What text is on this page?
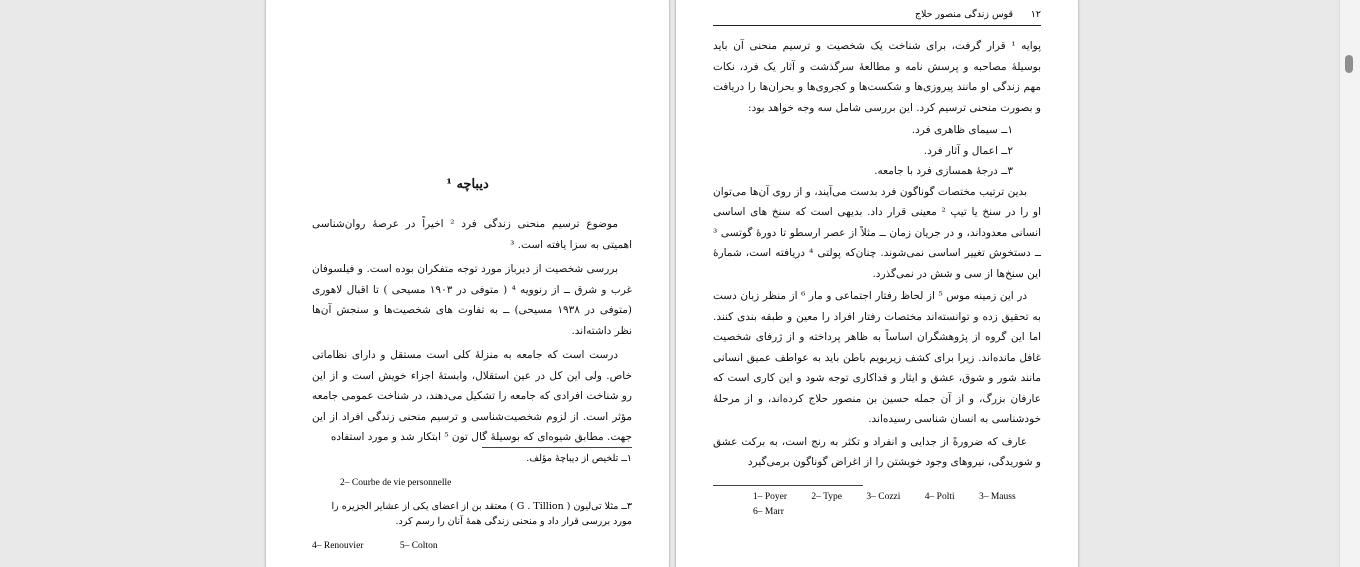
دیباچه ¹

موضوع ترسیم منحنی زندگی فرد ² اخیراً در عرصهٔ روان‌شناسی اهمیتی به سزا یافته است. ³

بررسی شخصیت از دیرباز مورد توجه متفکران بوده است. و فیلسوفان غرب و شرق ــ از رنوویه ⁴ ( متوفی در ۱۹۰۳ مسیحی ) تا اقبال لاهوری (متوفی در ۱۹۳۸ مسیحی) ــ به تفاوت های شخصیت‌ها و سنجش آن‌ها نظر داشته‌اند.

درست است که جامعه به منزلهٔ کلی است مستقل و دارای نظاماتی خاص. ولی این کل در عین استقلال، وابستهٔ اجزاء خویش است و از این رو شناخت افرادی که جامعه را تشکیل می‌دهند، در شناخت عمومی جامعه مؤثر است. از لزوم شخصیت‌شناسی و ترسیم منحنی زندگی افراد از این جهت. مطابق شیوه‌ای که بوسیلهٔ گال تون ⁵ ابتکار شد و مورد استفاده

۱ــ تلخیص از دیباچهٔ مؤلف.

2– Courbe de vie personnelle

۳ــ مثلا تی‌لیون ( G . Tillion ) معتقد بن از اعضای یکی از عشایر الجزیره را مورد بررسی قرار داد و منحنی زندگی همهٔ آنان را رسم کرد.

4– Renouvier	5– Colton

۱۲
قوس زندگی منصور حلاج

پوایه ¹ قرار گرفت، برای شناخت یک شخصیت و ترسیم منحنی آن باید بوسیلهٔ مصاحبه و پرسش نامه و مطالعهٔ سرگذشت و آثار یک فرد، نکات مهم زندگی او مانند پیروزی‌ها و شکست‌ها و کجروی‌ها و بحران‌ها را دریافت و بصورت منحنی ترسیم کرد. این بررسی شامل سه وجه خواهد بود:

۱ــ سیمای ظاهری فرد.

۲ــ اعمال و آثار فرد.

۳ــ درجهٔ همسازی فرد با جامعه.

بدین ترتیب مختصات گوناگون فرد بدست می‌آیند، و از روی آن‌ها می‌توان او را در سنخ یا تیپ ² معینی قرار داد. بدیهی است که سنخ های اساسی انسانی معدوداند، و در جریان زمان ــ مثلاً از عصر ارسطو تا دورهٔ گوتسی ³ ــ دستخوش تغییر اساسی نمی‌شوند. چنان‌که پولتی ⁴ دریافته است، شمارهٔ این سنخ‌ها از سی و شش در نمی‌گذرد.

در این زمینه موس ⁵ از لحاظ رفتار اجتماعی و مار ⁶ از منظر زبان دست به تحقیق زده و توانسته‌اند مختصات رفتار افراد را معین و طبقه بندی کنند. اما این گروه از پژوهشگران اساساً به ظاهر پرداخته و از ژرفای شخصیت غافل مانده‌اند. زیرا برای کشف زیربویم باطن باید به عواطف عمیق انسانی مانند شور و شوق، عشق و ایثار و فداکاری توجه شود و این کاری است که عارفان بزرگ، و از آن جمله حسین بن منصور حلاج کرده‌اند، و از مرحلهٔ خودشناسی به انسان شناسی رسیده‌اند.

عارف که ضرورةً از جدایی و انفراد و تکثر به رنج است، به برکت عشق و شوریدگی، نیروهای وجود خویشتن را از اغراض گوناگون برمی‌گیرد

1– Poyer	2– Type	3– Cozzi	4– Polti	3– Mauss
6– Marr
